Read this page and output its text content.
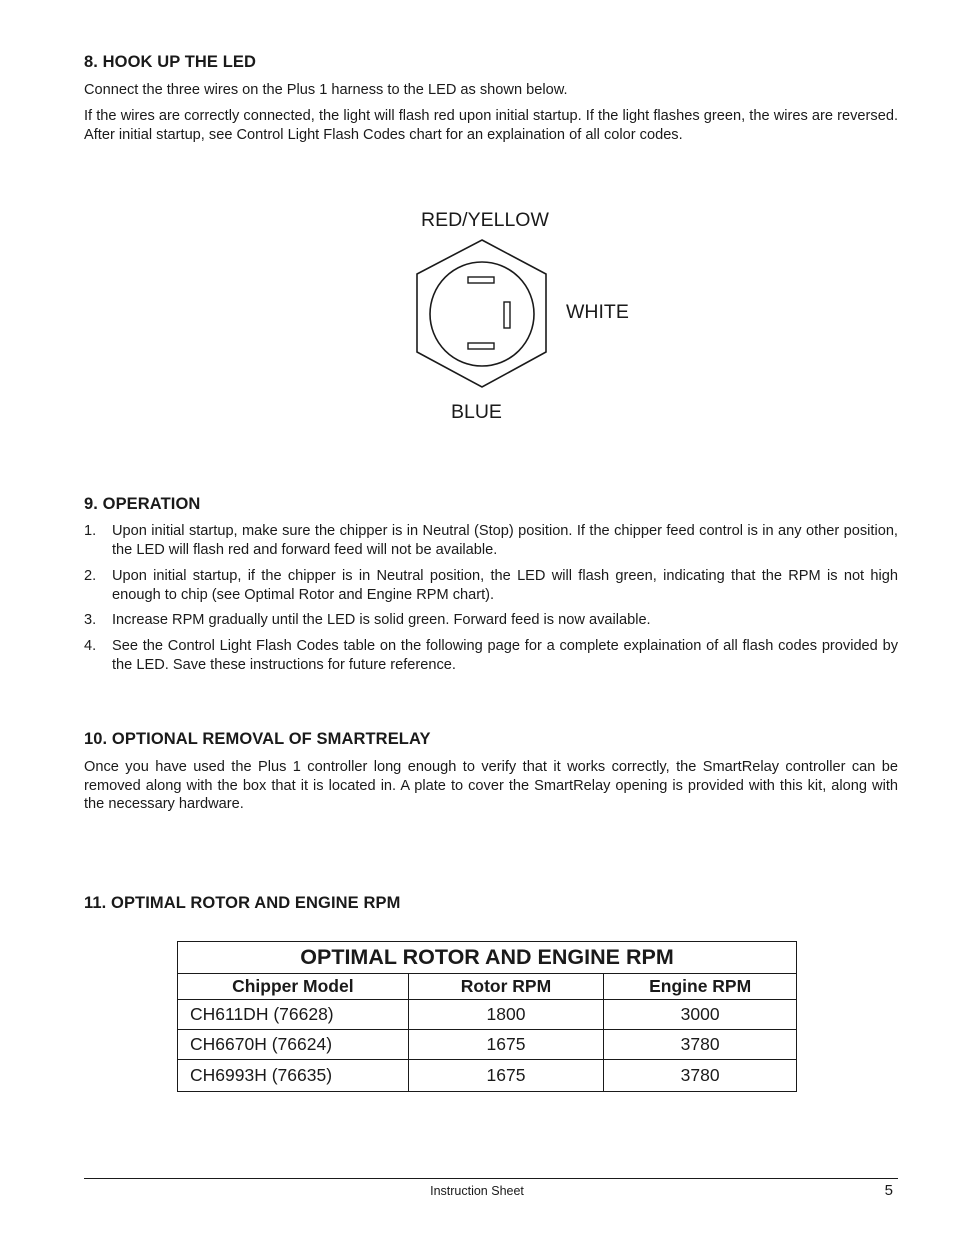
8. HOOK UP THE LED

Connect the three wires on the Plus 1 harness to the LED as shown below.

If the wires are correctly connected, the light will flash red upon initial startup. If the light flashes green, the wires are reversed. After initial startup, see Control Light Flash Codes chart for an explaination of all color codes.

RED/YELLOW
WHITE
BLUE
9. OPERATION
1. Upon initial startup, make sure the chipper is in Neutral (Stop) position. If the chipper feed control is in any other position, the LED will flash red and forward feed will not be available.
2. Upon initial startup, if the chipper is in Neutral position, the LED will flash green, indicating that the RPM is not high enough to chip (see Optimal Rotor and Engine RPM chart).
3. Increase RPM gradually until the LED is solid green. Forward feed is now available.
4. See the Control Light Flash Codes table on the following page for a complete explaination of all flash codes provided by the LED. Save these instructions for future reference.
10. OPTIONAL REMOVAL OF SMARTRELAY

Once you have used the Plus 1 controller long enough to verify that it works correctly, the SmartRelay controller can be removed along with the box that it is located in. A plate to cover the SmartRelay opening is provided with this kit, along with the necessary hardware.

11. OPTIMAL ROTOR AND ENGINE RPM
OPTIMAL ROTOR AND ENGINE RPM		
Chipper Model	Rotor RPM	Engine RPM
CH611DH (76628)	1800	3000
CH6670H (76624)	1675	3780
CH6993H (76635)	1675	3780
Instruction Sheet	5
